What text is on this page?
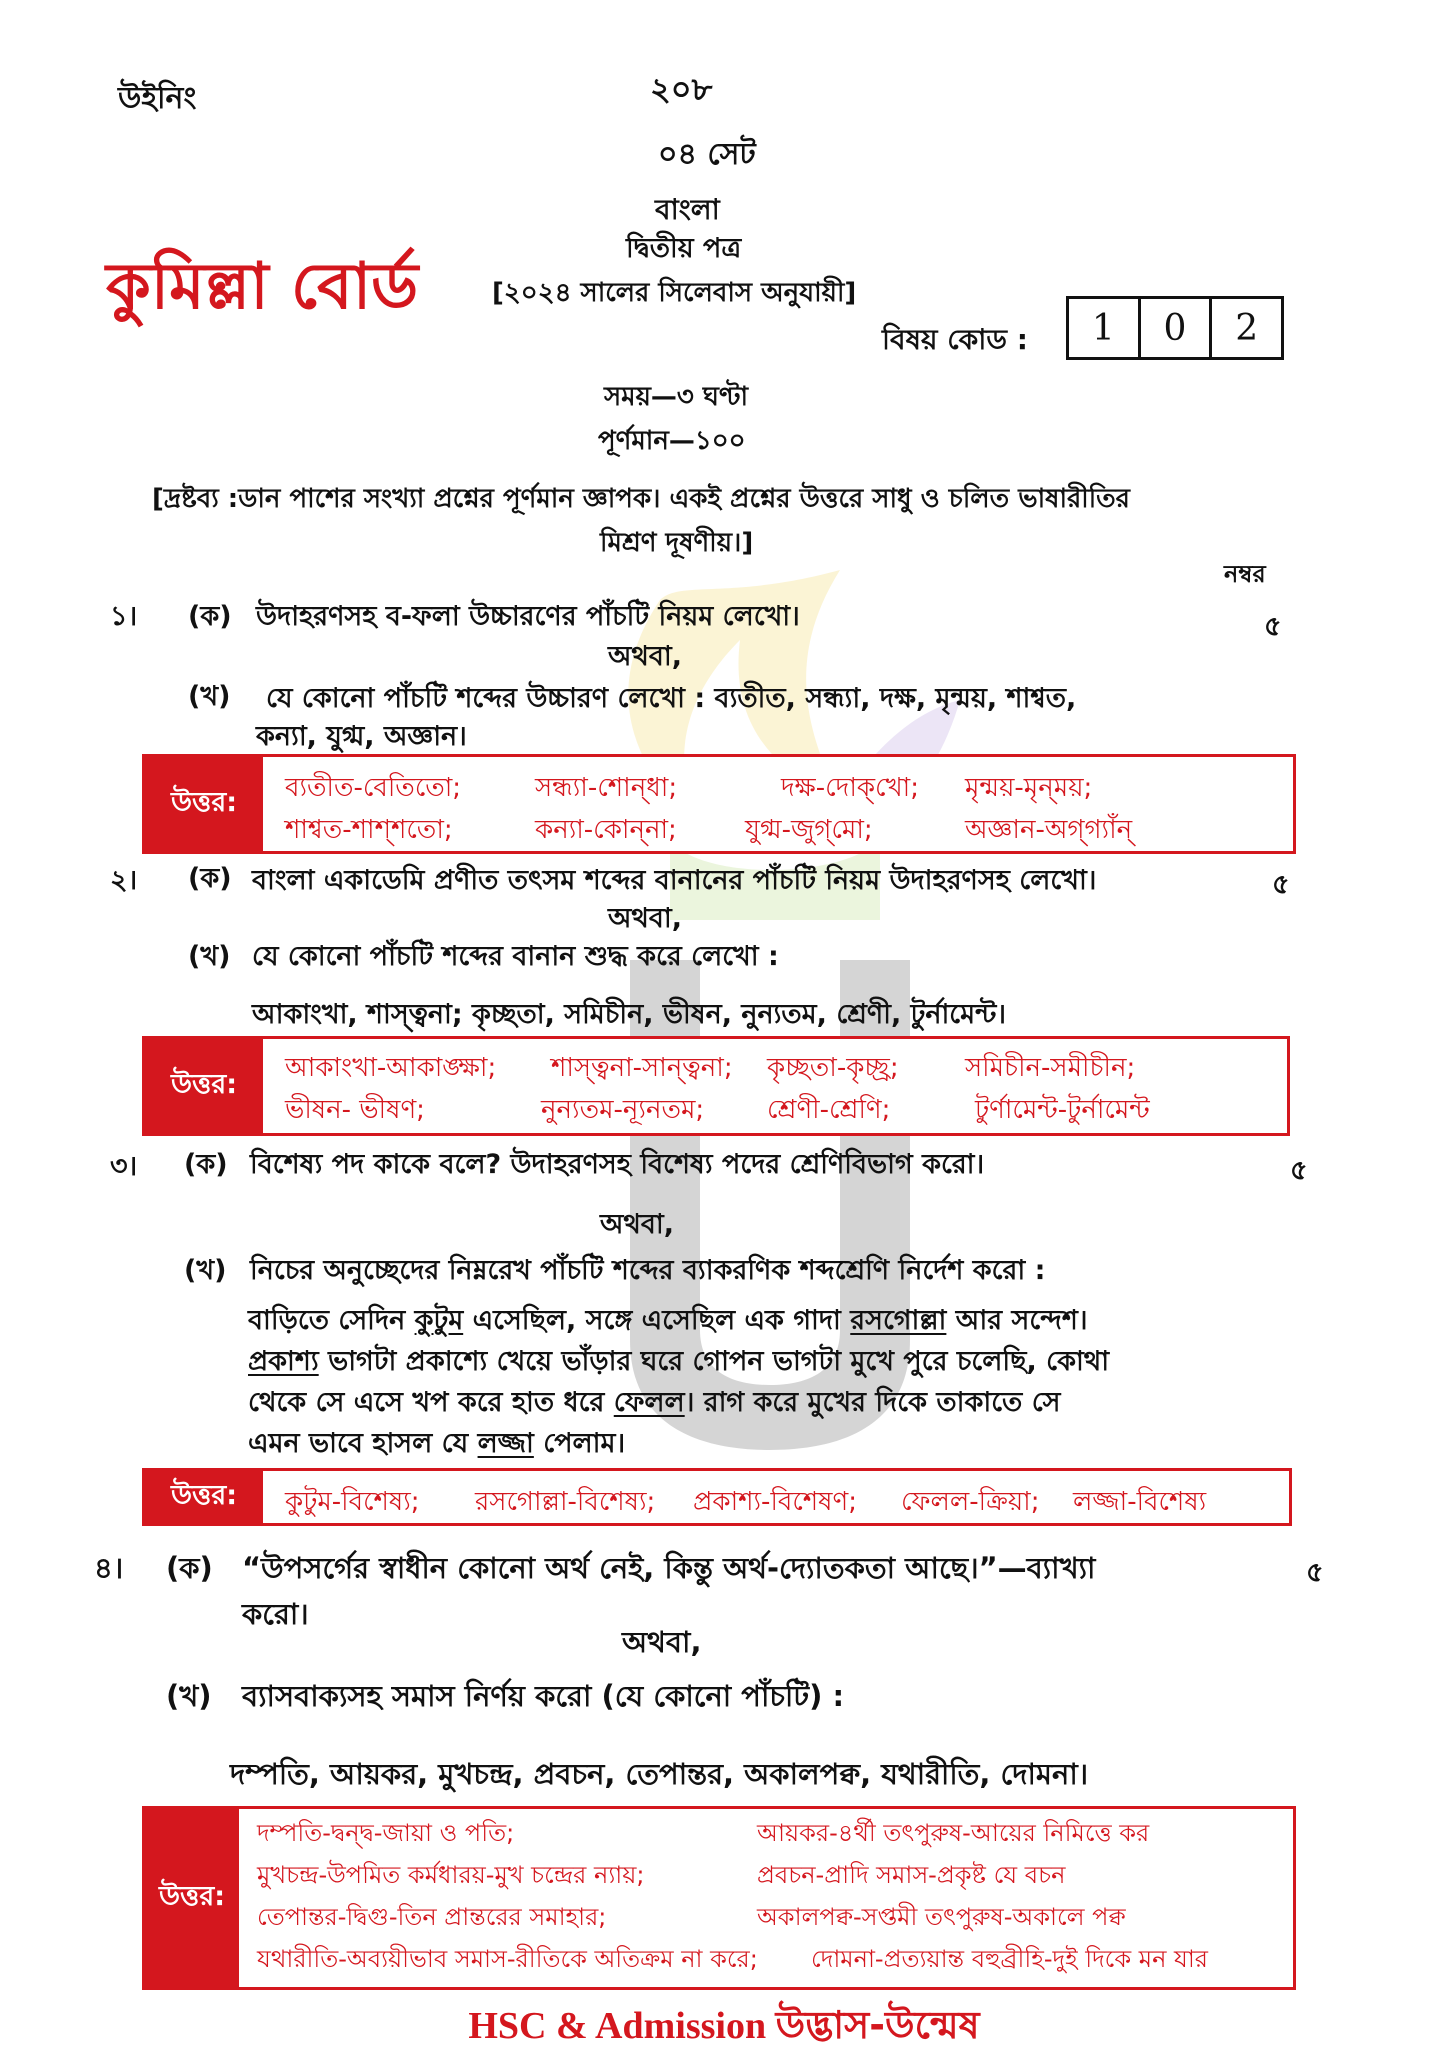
উইনিং	২০৮
০৪ সেট
বাংলা
দ্বিতীয় পত্র
কুমিল্লা বোর্ড	[২০২৪ সালের সিলেবাস অনুযায়ী]
বিষয় কোড :	1	0	2
সময়—৩ ঘণ্টা
পূর্ণমান—১০০
[দ্রষ্টব্য :ডান পাশের সংখ্যা প্রশ্নের পূর্ণমান জ্ঞাপক। একই প্রশ্নের উত্তরে সাধু ও চলিত ভাষারীতির
মিশ্রণ দূষণীয়।]
নম্বর
১। (ক) উদাহরণসহ ব-ফলা উচ্চারণের পাঁচটি নিয়ম লেখো।	৫
অথবা,
(খ) যে কোনো পাঁচটি শব্দের উচ্চারণ লেখো : ব্যতীত, সন্ধ্যা, দক্ষ, মৃন্ময়, শাশ্বত,
কন্যা, যুগ্ম, অজ্ঞান।
উত্তর:	ব্যতীত-বেতিতো;	সন্ধ্যা-শোন্‌ধা;	দক্ষ-দোক্‌খো; মৃন্ময়-মৃন্‌ময়;
শাশ্বত-শাশ্‌শতো;	কন্যা-কোন্‌না;	যুগ্ম-জুগ্‌মো;	অজ্ঞান-অগ্‌গ্যাঁন্
২। (ক) বাংলা একাডেমি প্রণীত তৎসম শব্দের বানানের পাঁচটি নিয়ম উদাহরণসহ লেখো।	৫
অথবা,
(খ) যে কোনো পাঁচটি শব্দের বানান শুদ্ধ করে লেখো :
আকাংখা, শাস্ত্বনা; কৃচ্ছতা, সমিচীন, ভীষন, নুন্যতম, শ্রেণী, টুর্নামেন্ট।
উত্তর:
আকাংখা-আকাঙ্ক্ষা; শাস্ত্বনা-সান্ত্বনা; কৃচ্ছতা-কৃচ্ছ্র;	সমিচীন-সমীচীন;
ভীষন- ভীষণ;	নুন্যতম-ন্যূনতম; শ্রেণী-শ্রেণি;	টুর্ণামেন্ট-টুর্নামেন্ট
৩। (ক) বিশেষ্য পদ কাকে বলে? উদাহরণসহ বিশেষ্য পদের শ্রেণিবিভাগ করো।	৫
অথবা,
(খ) নিচের অনুচ্ছেদের নিম্নরেখ পাঁচটি শব্দের ব্যাকরণিক শব্দশ্রেণি নির্দেশ করো :
বাড়িতে সেদিন কুটুম এসেছিল, সঙ্গে এসেছিল এক গাদা রসগোল্লা আর সন্দেশ।
প্রকাশ্য ভাগটা প্রকাশ্যে খেয়ে ভাঁড়ার ঘরে গোপন ভাগটা মুখে পুরে চলেছি, কোথা
থেকে সে এসে খপ করে হাত ধরে ফেলল। রাগ করে মুখের দিকে তাকাতে সে
এমন ভাবে হাসল যে লজ্জা পেলাম।
উত্তর:	কুটুম-বিশেষ্য; রসগোল্লা-বিশেষ্য; প্রকাশ্য-বিশেষণ; ফেলল-ক্রিয়া; লজ্জা-বিশেষ্য
৪। (ক) “উপসর্গের স্বাধীন কোনো অর্থ নেই, কিন্তু অর্থ-দ্যোতকতা আছে।”—ব্যাখ্যা
করো।
৫
অথবা,
(খ) ব্যাসবাক্যসহ সমাস নির্ণয় করো (যে কোনো পাঁচটি) :
দম্পতি, আয়কর, মুখচন্দ্র, প্রবচন, তেপান্তর, অকালপক্ব, যথারীতি, দোমনা।
উত্তর:
দম্পতি-দ্বন্দ্ব-জায়া ও পতি;	আয়কর-৪র্থী তৎপুরুষ-আয়ের নিমিত্তে কর
মুখচন্দ্র-উপমিত কর্মধারয়-মুখ চন্দ্রের ন্যায়;	প্রবচন-প্রাদি সমাস-প্রকৃষ্ট যে বচন
তেপান্তর-দ্বিগু-তিন প্রান্তরের সমাহার;	অকালপক্ব-সপ্তমী তৎপুরুষ-অকালে পক্ব
যথারীতি-অব্যয়ীভাব সমাস-রীতিকে অতিক্রম না করে; দোমনা-প্রত্যয়ান্ত বহুব্রীহি-দুই দিকে মন যার
HSC & Admission উদ্ভাস-উন্মেষ
